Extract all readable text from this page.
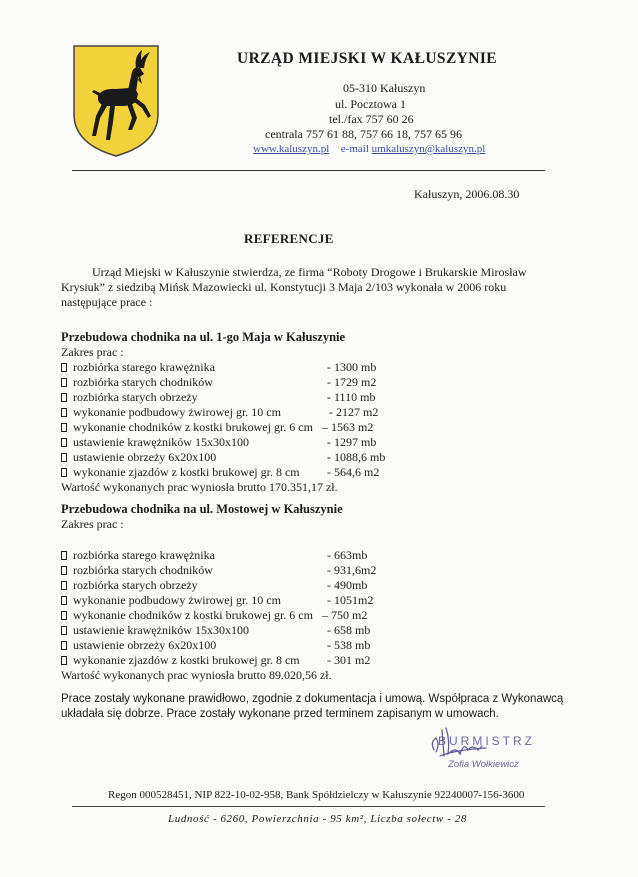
URZĄD MIEJSKI W KAŁUSZYNIE
05-310 Kałuszyn
ul. Pocztowa 1
tel./fax 757 60 26
centrala 757 61 88, 757 66 18, 757 65 96
www.kaluszyn.pl e-mail umkaluszyn@kaluszyn.pl
Kałuszyn, 2006.08.30
REFERENCJE
Urząd Miejski w Kałuszynie stwierdza, ze firma “Roboty Drogowe i Brukarskie Mirosław
Krysiuk” z siedzibą Mińsk Mazowiecki ul. Konstytucji 3 Maja 2/103 wykonała w 2006 roku
następujące prace :
Przebudowa chodnika na ul. 1-go Maja w Kałuszynie
Zakres prac :
rozbiórka starego krawężnika	- 1300 mb
rozbiórka starych chodników	- 1729 m2
rozbiórka starych obrzeży	- 1110 mb
wykonanie podbudowy żwirowej gr. 10 cm	- 2127 m2
wykonanie chodników z kostki brukowej gr. 6 cm – 1563 m2
ustawienie krawężników 15x30x100	- 1297 mb
ustawienie obrzeży 6x20x100	- 1088,6 mb
wykonanie zjazdów z kostki brukowej gr. 8 cm - 564,6 m2
Wartość wykonanych prac wyniosła brutto 170.351,17 zł.
Przebudowa chodnika na ul. Mostowej w Kałuszynie
Zakres prac :
rozbiórka starego krawężnika	- 663mb
rozbiórka starych chodników	- 931,6m2
rozbiórka starych obrzeży	- 490mb
wykonanie podbudowy żwirowej gr. 10 cm	- 1051m2
wykonanie chodników z kostki brukowej gr. 6 cm – 750 m2
ustawienie krawężników 15x30x100	- 658 mb
ustawienie obrzeży 6x20x100	- 538 mb
wykonanie zjazdów z kostki brukowej gr. 8 cm - 301 m2
Wartość wykonanych prac wyniosła brutto 89.020,56 zł.
Prace zostały wykonane prawidłowo, zgodnie z dokumentacja i umową. Współpraca z Wykonawcą
układała się dobrze. Prace zostały wykonane przed terminem zapisanym w umowach.
BURMISTRZ
Zofia Wołkiewicz
Regon 000528451, NIP 822-10-02-958, Bank Spółdzielczy w Kałuszynie 92240007-156-3600
Ludność - 6260, Powierzchnia - 95 km², Liczba sołectw - 28
